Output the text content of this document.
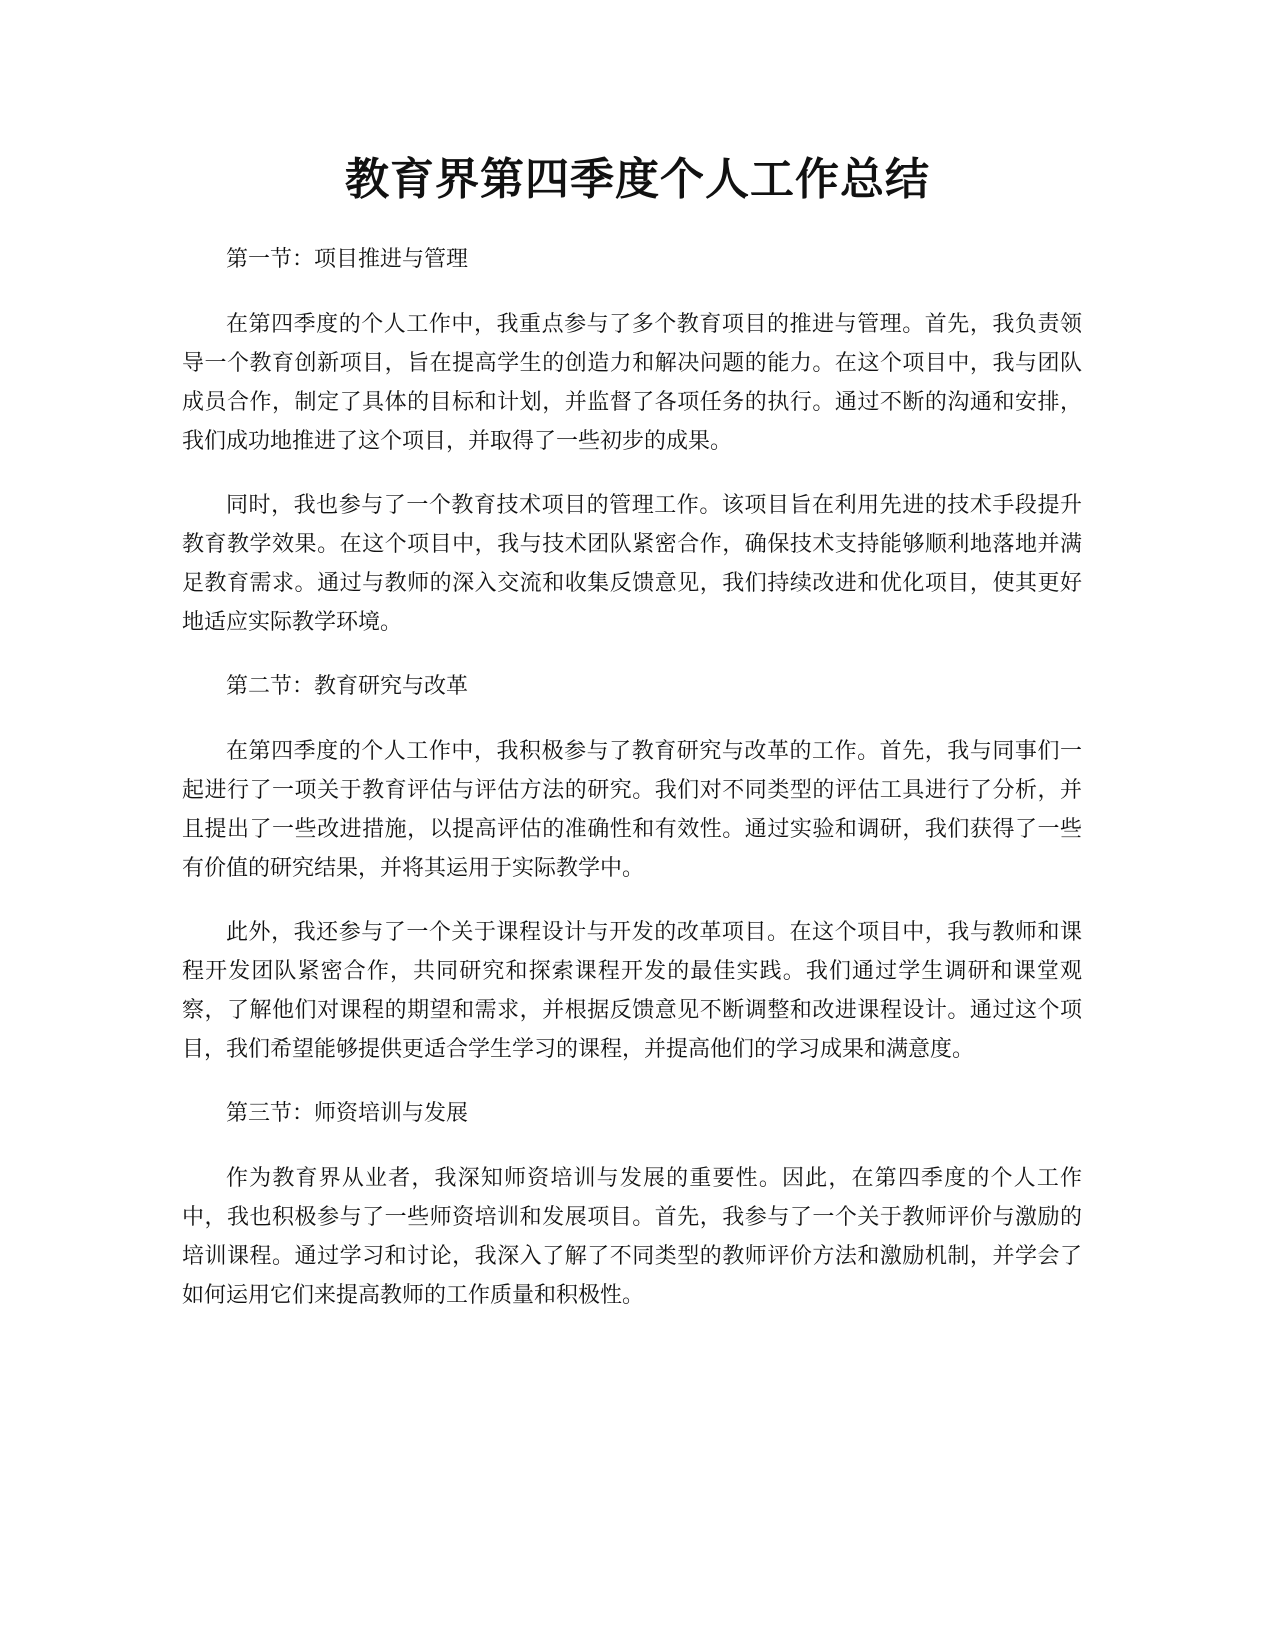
教育界第四季度个人工作总结

第一节：项目推进与管理

在第四季度的个人工作中，我重点参与了多个教育项目的推进与管理。首先，我负责领导一个教育创新项目，旨在提高学生的创造力和解决问题的能力。在这个项目中，我与团队成员合作，制定了具体的目标和计划，并监督了各项任务的执行。通过不断的沟通和安排，我们成功地推进了这个项目，并取得了一些初步的成果。

同时，我也参与了一个教育技术项目的管理工作。该项目旨在利用先进的技术手段提升教育教学效果。在这个项目中，我与技术团队紧密合作，确保技术支持能够顺利地落地并满足教育需求。通过与教师的深入交流和收集反馈意见，我们持续改进和优化项目，使其更好地适应实际教学环境。

第二节：教育研究与改革

在第四季度的个人工作中，我积极参与了教育研究与改革的工作。首先，我与同事们一起进行了一项关于教育评估与评估方法的研究。我们对不同类型的评估工具进行了分析，并且提出了一些改进措施，以提高评估的准确性和有效性。通过实验和调研，我们获得了一些有价值的研究结果，并将其运用于实际教学中。

此外，我还参与了一个关于课程设计与开发的改革项目。在这个项目中，我与教师和课程开发团队紧密合作，共同研究和探索课程开发的最佳实践。我们通过学生调研和课堂观察，了解他们对课程的期望和需求，并根据反馈意见不断调整和改进课程设计。通过这个项目，我们希望能够提供更适合学生学习的课程，并提高他们的学习成果和满意度。

第三节：师资培训与发展

作为教育界从业者，我深知师资培训与发展的重要性。因此，在第四季度的个人工作中，我也积极参与了一些师资培训和发展项目。首先，我参与了一个关于教师评价与激励的培训课程。通过学习和讨论，我深入了解了不同类型的教师评价方法和激励机制，并学会了如何运用它们来提高教师的工作质量和积极性。
